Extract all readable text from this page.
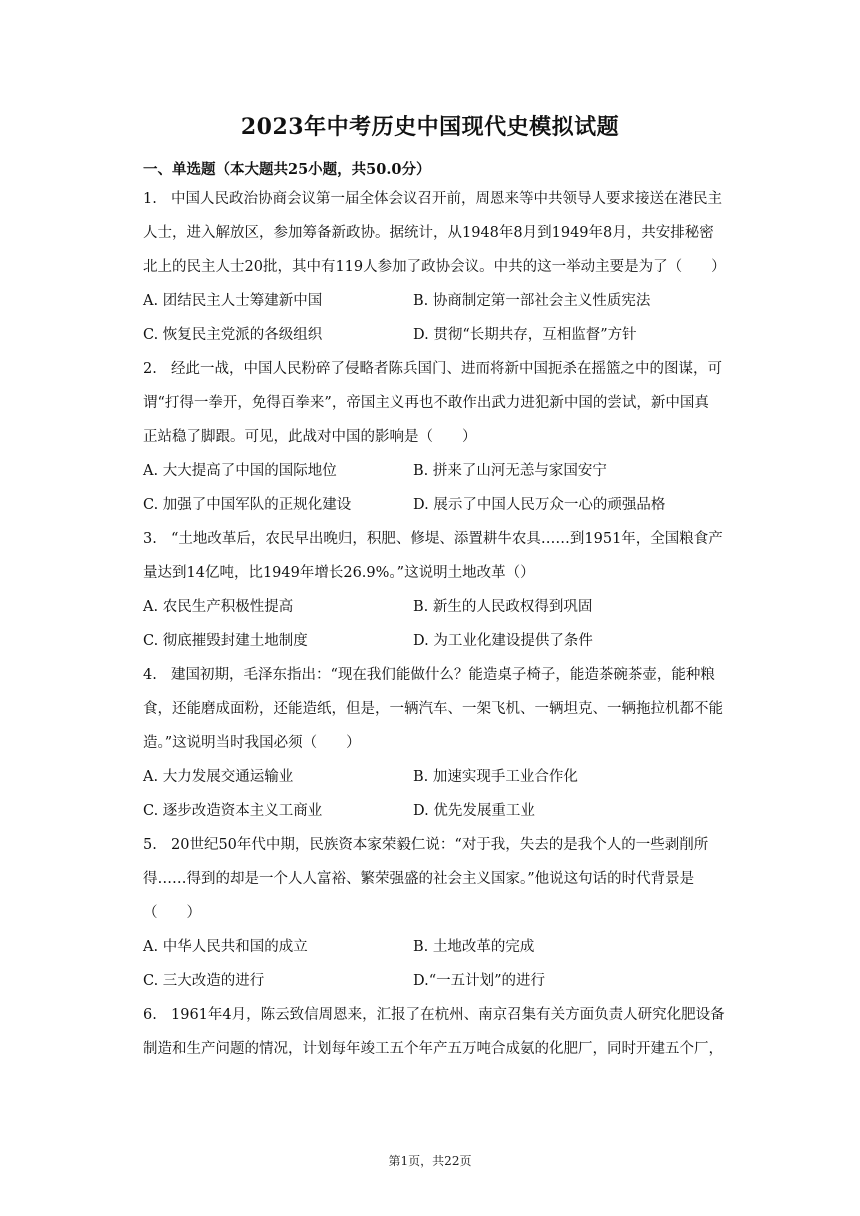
2023年中考历史中国现代史模拟试题
一、单选题（本大题共25小题，共50.0分）
1. 中国人民政治协商会议第一届全体会议召开前，周恩来等中共领导人要求接送在港民主
人士，进入解放区，参加筹备新政协。据统计，从1948年8月到1949年8月，共安排秘密
北上的民主人士20批，其中有119人参加了政协会议。中共的这一举动主要是为了（　　）
A. 团结民主人士筹建新中国	B. 协商制定第一部社会主义性质宪法
C. 恢复民主党派的各级组织	D. 贯彻“长期共存，互相监督”方针
2. 经此一战，中国人民粉碎了侵略者陈兵国门、进而将新中国扼杀在摇篮之中的图谋，可
谓“打得一拳开，免得百拳来”，帝国主义再也不敢作出武力进犯新中国的尝试，新中国真
正站稳了脚跟。可见，此战对中国的影响是（　　）
A. 大大提高了中国的国际地位	B. 拼来了山河无恙与家国安宁
C. 加强了中国军队的正规化建设	D. 展示了中国人民万众一心的顽强品格
3. “土地改革后，农民早出晚归，积肥、修堤、添置耕牛农具……到1951年，全国粮食产
量达到14亿吨，比1949年增长26.9%。”这说明土地改革（）
A. 农民生产积极性提高	B. 新生的人民政权得到巩固
C. 彻底摧毁封建土地制度	D. 为工业化建设提供了条件
4. 建国初期，毛泽东指出：“现在我们能做什么？能造桌子椅子，能造茶碗茶壶，能种粮
食，还能磨成面粉，还能造纸，但是，一辆汽车、一架飞机、一辆坦克、一辆拖拉机都不能
造。”这说明当时我国必须（　　）
A. 大力发展交通运输业	B. 加速实现手工业合作化
C. 逐步改造资本主义工商业	D. 优先发展重工业
5. 20世纪50年代中期，民族资本家荣毅仁说：“对于我，失去的是我个人的一些剥削所
得……得到的却是一个人人富裕、繁荣强盛的社会主义国家。”他说这句话的时代背景是
（　　）
A. 中华人民共和国的成立	B. 土地改革的完成
C. 三大改造的进行	D.“一五计划”的进行
6. 1961年4月，陈云致信周恩来，汇报了在杭州、南京召集有关方面负责人研究化肥设备
制造和生产问题的情况，计划每年竣工五个年产五万吨合成氨的化肥厂，同时开建五个厂，
第1页，共22页
